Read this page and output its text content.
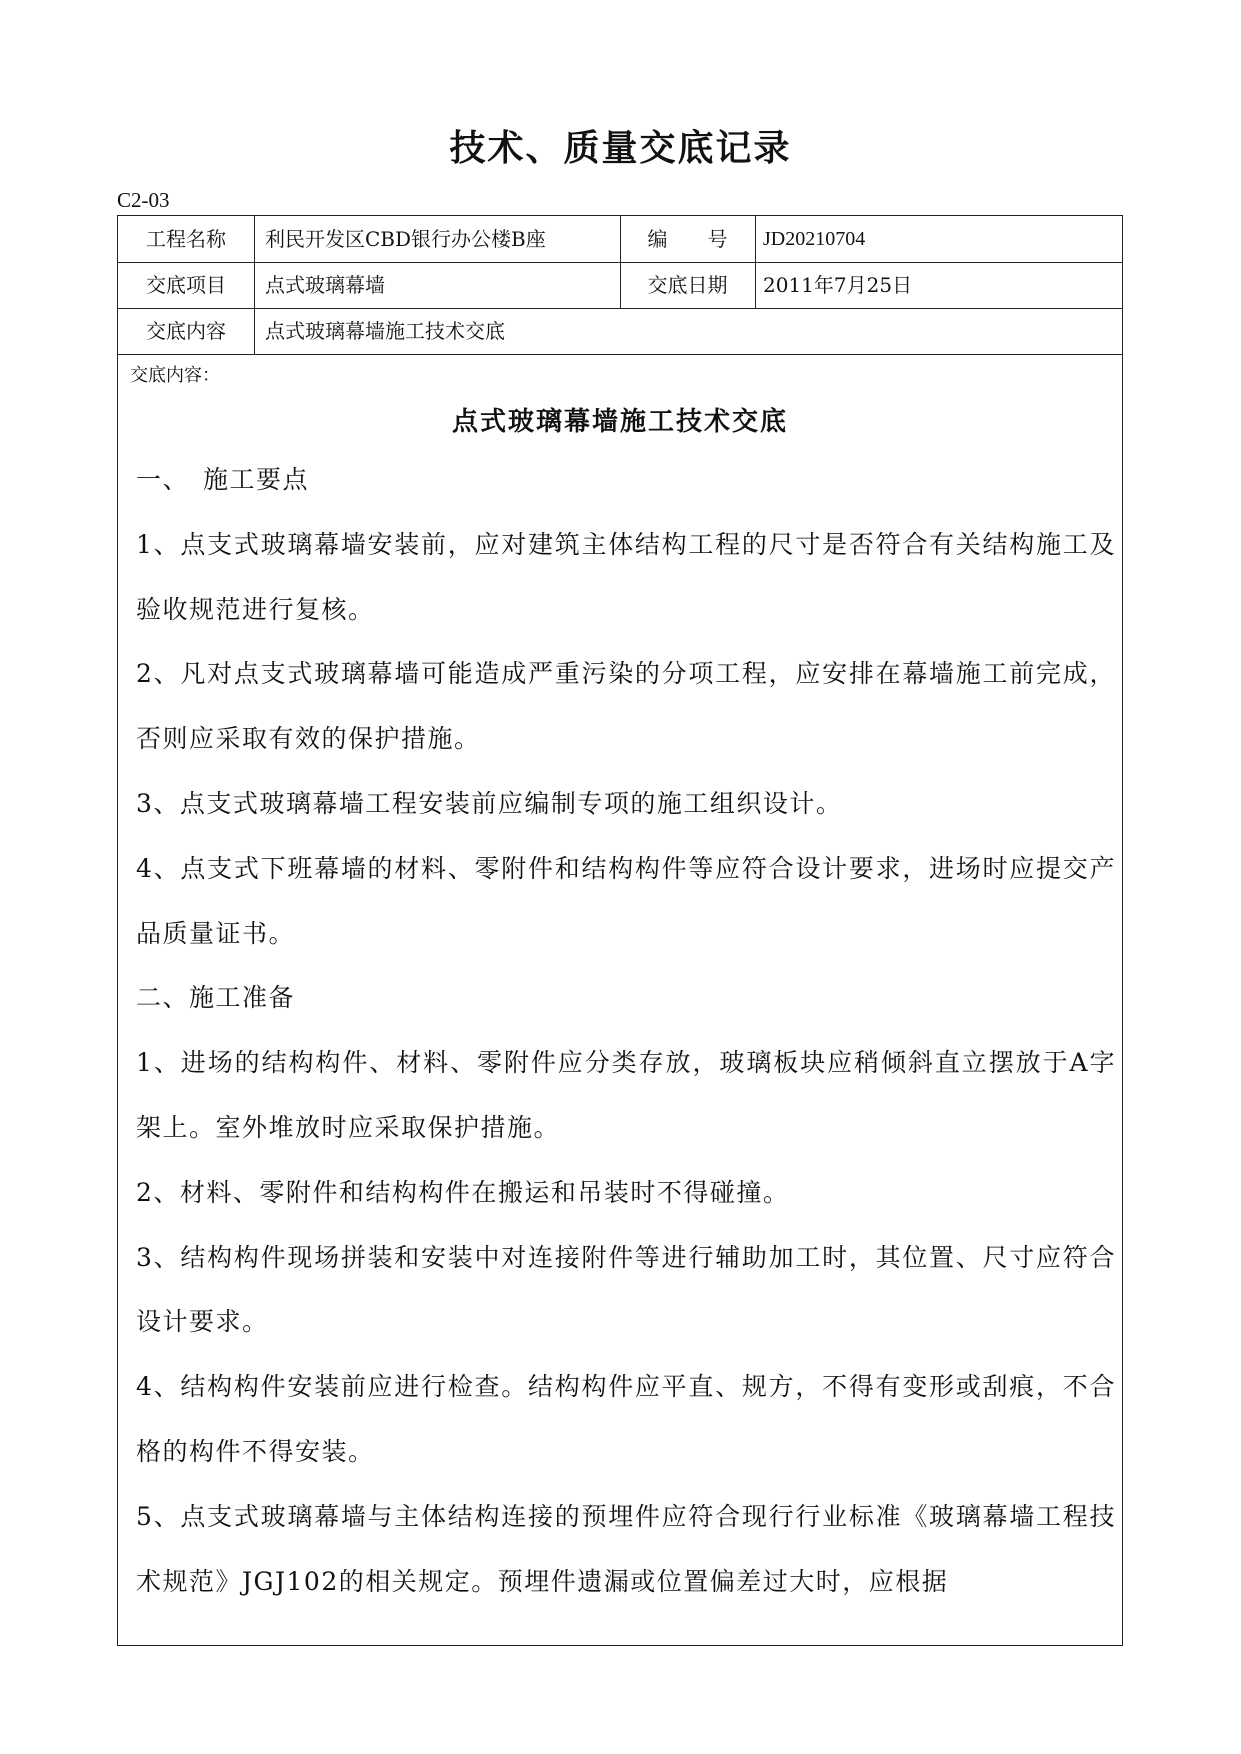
技术、质量交底记录
C2-03
工程名称	利民开发区CBD银行办公楼B座	编　　号	JD20210704
交底项目	点式玻璃幕墙	交底日期	2011年7月25日
交底内容	点式玻璃幕墙施工技术交底
交底内容：
点式玻璃幕墙施工技术交底

一、　施工要点

1、点支式玻璃幕墙安装前，应对建筑主体结构工程的尺寸是否符合有关结构施工及验收规范进行复核。

2、凡对点支式玻璃幕墙可能造成严重污染的分项工程，应安排在幕墙施工前完成，否则应采取有效的保护措施。

3、点支式玻璃幕墙工程安装前应编制专项的施工组织设计。

4、点支式下班幕墙的材料、零附件和结构构件等应符合设计要求，进场时应提交产品质量证书。

二、施工准备

1、进场的结构构件、材料、零附件应分类存放，玻璃板块应稍倾斜直立摆放于A字架上。室外堆放时应采取保护措施。

2、材料、零附件和结构构件在搬运和吊装时不得碰撞。

3、结构构件现场拼装和安装中对连接附件等进行辅助加工时，其位置、尺寸应符合设计要求。

4、结构构件安装前应进行检查。结构构件应平直、规方，不得有变形或刮痕，不合格的构件不得安装。

5、点支式玻璃幕墙与主体结构连接的预埋件应符合现行行业标准《玻璃幕墙工程技术规范》JGJ102的相关规定。预埋件遗漏或位置偏差过大时，应根据
